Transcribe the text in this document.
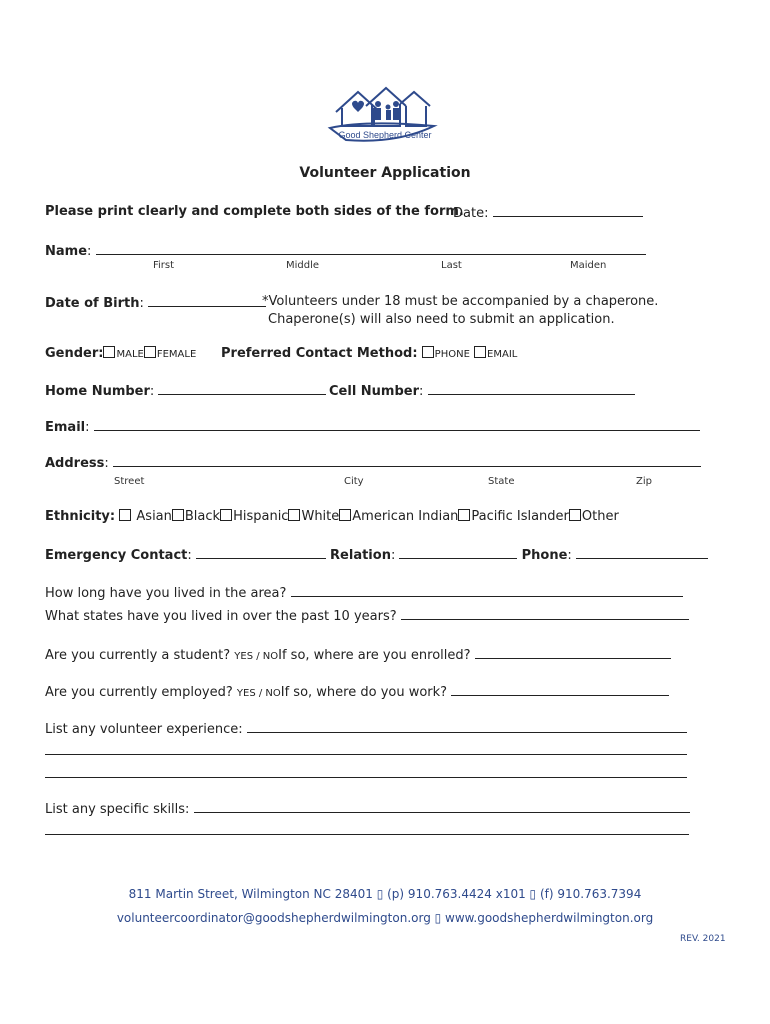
Good Shepherd Center
Volunteer Application
Please print clearly and complete both sides of the form.
Date:
Name:
First	Middle	Last	Maiden
Date of Birth:	*Volunteers under 18 must be accompanied by a chaperone.
Chaperone(s) will also need to submit an application.
Gender: MALE FEMALE Preferred Contact Method: PHONE EMAIL
Home Number:	Cell Number:
Email:
Address:
Street	City	State	Zip
Ethnicity: Asian Black Hispanic White American Indian Pacific Islander Other
Emergency Contact:	Relation:	Phone:
How long have you lived in the area?
What states have you lived in over the past 10 years?
Are you currently a student? YES / NOIf so, where are you enrolled?
Are you currently employed? YES / NOIf so, where do you work?
List any volunteer experience:
List any specific skills:
811 Martin Street, Wilmington NC 28401 ▯ (p) 910.763.4424 x101 ▯ (f) 910.763.7394
volunteercoordinator@goodshepherdwilmington.org ▯ www.goodshepherdwilmington.org
REV. 2021
